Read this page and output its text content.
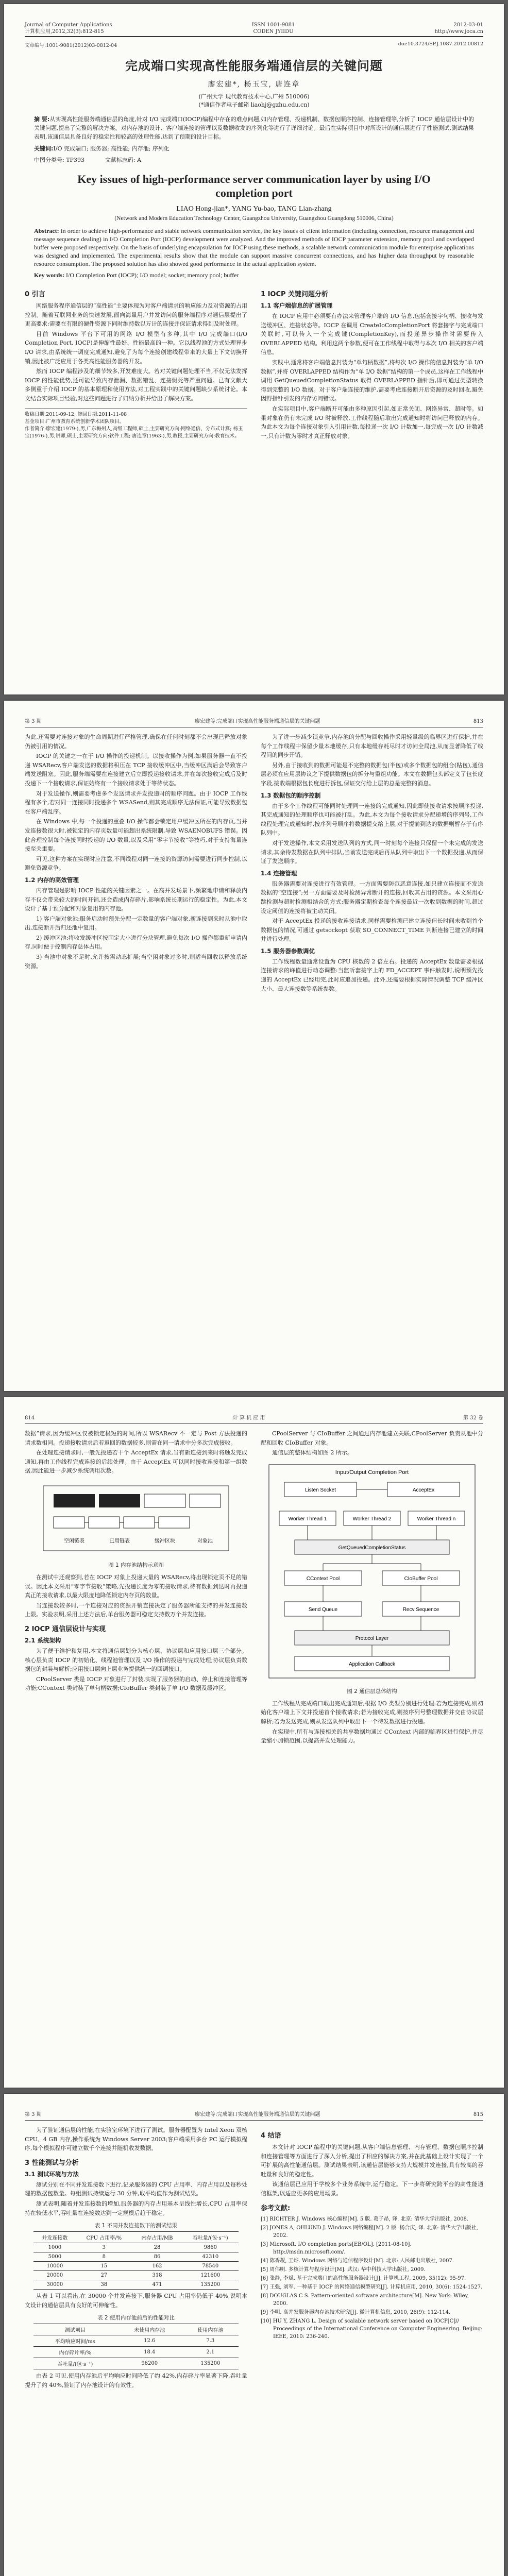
Journal of Computer Applications
计算机应用,2012,32(3):812-815
ISSN 1001-9081
CODEN JYIIDU
2012-03-01
http://www.joca.cn
文章编号:1001-9081(2012)03-0812-04	doi:10.3724/SP.J.1087.2012.00812
完成端口实现高性能服务端通信层的关键问题
廖宏建*, 杨玉宝, 唐连章
(广州大学 现代教育技术中心,广州 510006)
(*通信作者电子邮箱 liaohj@gzhu.edu.cn)
摘 要:从实现高性能服务端通信层的角度,针对 I/O 完成端口(IOCP)编程中存在的难点问题,如内存管理、投递机制、数据包顺序控制、连接管理等,分析了 IOCP 通信层设计中的关键问题,提出了完整的解决方案。对内存池的设计、客户端连接的管理以及数据收发的序列化等进行了详细讨论。最后在实际项目中对所设计的通信层进行了性能测试,测试结果表明,该通信层具备良好的稳定性和较高的处理性能,达到了预期的设计目标。
关键词:I/O 完成端口; 服务器; 高性能; 内存池; 序列化
中图分类号: TP393	文献标志码: A
Key issues of high-performance server communication layer by using I/O completion port
LIAO Hong-jian*, YANG Yu-bao, TANG Lian-zhang
(Network and Modern Education Technology Center, Guangzhou University, Guangzhou Guangdong 510006, China)
Abstract: In order to achieve high-performance and stable network communication service, the key issues of client information (including connection, resource management and message sequence dealing) in I/O Completion Port (IOCP) development were analyzed. And the improved methods of IOCP parameter extension, memory pool and overlapped buffer were proposed respectively. On the basis of underlying encapsulation for IOCP using these methods, a scalable network communication module for enterprise applications was designed and implemented. The experimental results show that the module can support massive concurrent connections, and has higher data throughput by reasonable resource consumption. The proposed solution has also showed good performance in the actual application system.
Key words: I/O Completion Port (IOCP); I/O model; socket; memory pool; buffer
0 引言

网络服务程序通信层的“高性能”主要体现为对客户端请求的响应能力及对资源的占用控制。随着互联网业务的快速发展,面向海量用户并发访问的服务端程序对通信层提出了更高要求:需要在有限的硬件资源下同时维持数以万计的连接并保证请求得到及时处理。

目前 Windows 平台下可用的网络 I/O 模型有多种,其中 I/O 完成端口(I/O Completion Port, IOCP)是伸缩性最好、性能最高的一种。它以线程池的方式处理异步 I/O 请求,由系统统一调度完成通知,避免了为每个连接创建线程带来的大量上下文切换开销,因此被广泛应用于各类高性能服务器的开发。

然而 IOCP 编程涉及的细节较多,开发难度大。若对关键问题处理不当,不仅无法发挥 IOCP 的性能优势,还可能导致内存泄漏、数据错乱、连接假死等严重问题。已有文献大多侧重于介绍 IOCP 的基本原理和使用方法,对工程实践中的关键问题缺少系统讨论。本文结合实际项目经验,对这些问题进行了归纳分析并给出了解决方案。

收稿日期:2011-09-12; 修回日期:2011-11-08。
基金项目:广州市教育系统创新学术团队项目。
作者简介:廖宏建(1979-),男,广东梅州人,高级工程师,硕士,主要研究方向:网络通信、分布式计算; 杨玉宝(1976-),男,讲师,硕士,主要研究方向:软件工程; 唐连章(1963-),男,教授,主要研究方向:教育技术。
1 IOCP 关键问题分析
1.1 客户端信息的扩展管理

在 IOCP 应用中必须要有办法来管理客户端的 I/O 信息,包括套接字句柄、接收与发送缓冲区、连接状态等。IOCP 在调用 CreateIoCompletionPort 将套接字与完成端口关联时,可以传入一个完成键(CompletionKey),而投递异步操作时需要传入 OVERLAPPED 结构。利用这两个参数,便可在工作线程中取得与本次 I/O 相关的客户端信息。

实践中,通常将客户端信息封装为“单句柄数据”,将每次 I/O 操作的信息封装为“单 I/O 数据”,并将 OVERLAPPED 结构作为“单 I/O 数据”结构的第一个成员,这样在工作线程中调用 GetQueuedCompletionStatus 取得 OVERLAPPED 指针后,即可通过类型转换得到完整的 I/O 数据。对于客户端连接的维护,需要考虑连接断开后资源的及时回收,避免因野指针引发的内存访问错误。

在实际项目中,客户端断开可能由多种原因引起,如正常关闭、网络异常、超时等。如果对象在仍有未完成 I/O 时被释放,工作线程随后取出完成通知时将访问已释放的内存。为此本文为每个连接对象引入引用计数,每投递一次 I/O 计数加一,每完成一次 I/O 计数减一,只有计数为零时才真正释放对象。

第 3 期	廖宏建等:完成端口实现高性能服务端通信层的关键问题	813

为此,还需要对连接对象的生命周期进行严格管理,确保在任何时刻都不会出现已释放对象仍被引用的情况。

IOCP 的关键之一在于 I/O 操作的投递机制。以接收操作为例,如果服务器一直不投递 WSARecv,客户端发送的数据将积压在 TCP 接收缓冲区中,当缓冲区满后会导致客户端发送阻塞。因此,服务端需要在连接建立后立即投递接收请求,并在每次接收完成后及时投递下一个接收请求,保证始终有一个接收请求处于等待状态。

对于发送操作,则需要考虑多个发送请求并发投递时的顺序问题。由于 IOCP 工作线程有多个,若对同一连接同时投递多个 WSASend,则其完成顺序无法保证,可能导致数据包在客户端乱序。

在 Windows 中,每一个投递的重叠 I/O 操作都会锁定用户缓冲区所在的内存页,当并发连接数很大时,被锁定的内存页数量可能超出系统限制,导致 WSAENOBUFS 错误。因此合理控制每个连接同时投递的 I/O 数量,以及采用“零字节接收”等技巧,对于支持海量连接至关重要。

可见,这种方案在实现时应注意,不同线程对同一连接的资源访问需要进行同步控制,以避免资源竞争。

1.2 内存的高效管理

内存管理是影响 IOCP 性能的关键因素之一。在高并发场景下,频繁地申请和释放内存不仅会带来较大的时间开销,还会造成内存碎片,影响系统长期运行的稳定性。为此,本文设计了基于预分配和对象复用的内存池。

1) 客户端对象池:服务启动时预先分配一定数量的客户端对象,新连接到来时从池中取出,连接断开后归还池中复用。

2) 缓冲区池:将收发缓冲区按固定大小进行分块管理,避免每次 I/O 操作都重新申请内存,同时便于控制内存总体占用。

3) 当池中对象不足时,允许按需动态扩展;当空闲对象过多时,则适当回收以释放系统资源。

为了进一步减少锁竞争,内存池的分配与回收操作采用轻量级的临界区进行保护,并在每个工作线程中保留少量本地缓存,只有本地缓存耗尽时才访问全局池,从而显著降低了线程间的同步开销。

另外,由于接收到的数据可能是不完整的数据包(半包)或多个数据包的组合(粘包),通信层必须在应用层协议之下提供数据包的拆分与重组功能。本文在数据包头部定义了包长度字段,接收端根据包长度进行拆包,保证交付给上层的总是完整的消息。

1.3 数据包的顺序控制

由于多个工作线程可能同时处理同一连接的完成通知,因此即使接收请求按顺序投递,其完成通知的处理顺序也可能被打乱。为此,本文为每个接收请求分配递增的序列号,工作线程处理完成通知时,按序列号顺序将数据提交给上层,对于提前到达的数据则暂存于有序队列中。

对于发送操作,本文采用发送队列的方式,同一时刻每个连接只保留一个未完成的发送请求,其余待发数据在队列中排队,当前发送完成后再从队列中取出下一个数据投递,从而保证了发送顺序。

1.4 连接管理

服务器需要对连接进行有效管理。一方面需要防范恶意连接,如只建立连接而不发送数据的“空连接”;另一方面需要及时检测异常断开的连接,回收其占用的资源。本文采用心跳检测与超时检测相结合的方式:服务器定期检查每个连接最近一次收到数据的时间,超过设定阈值的连接将被主动关闭。

对于 AcceptEx 投递的接收连接请求,同样需要检测已建立连接但长时间未收到首个数据包的情况,可通过 getsockopt 获取 SO_CONNECT_TIME 判断连接已建立的时间并进行处理。

1.5 服务器参数调优

工作线程数量通常设置为 CPU 核数的 2 倍左右。投递的 AcceptEx 数量需要根据连接请求的峰值进行动态调整:当监听套接字上的 FD_ACCEPT 事件触发时,说明预先投递的 AcceptEx 已经用完,此时应追加投递。此外,还需要根据实际情况调整 TCP 缓冲区大小、最大连接数等系统参数。

814	计 算 机 应 用	第 32 卷

数据”请求,因为缓冲区仅被锁定极短的时间,所以 WSARecv 不一定与 Post 方法投递的请求数相同。投递接收请求后若返回的数据较多,则需在同一请求中分多次完成接收。

在处理连接请求时,一般先投递若干个 AcceptEx 请求,当有新连接到来时将触发完成通知,再由工作线程完成连接的后续处理。由于 AcceptEx 可以同时接收连接和第一组数据,因此能进一步减少系统调用次数。

空闲链表	已用链表	缓冲区块	对象池
图 1 内存池结构示意图

在测试中还观察到,若在 IOCP 对象上投递大量的 WSARecv,将出现锁定页不足的错误。因此本文采用“零字节接收”策略,先投递长度为零的接收请求,待有数据到达时再投递真正的接收请求,以最大限度地降低锁定内存页的数量。

当连接数较多时,一个连接对应的资源开销直接决定了服务器所能支持的并发连接数上限。实验表明,采用上述方法后,单台服务器可稳定支持数万个并发连接。

2 IOCP 通信层设计与实现
2.1 系统架构

为了便于维护和复用,本文将通信层划分为核心层、协议层和应用接口层三个部分。核心层负责 IOCP 的初始化、线程池管理以及 I/O 操作的投递与完成处理;协议层负责数据包的封装与解析;应用接口层向上层业务提供统一的回调接口。

CPoolServer 类是 IOCP 对象进行了封装,实现了服务器的启动、停止和连接管理等功能;CContext 类封装了单句柄数据;CIoBuffer 类封装了单 I/O 数据及缓冲区。

CPoolServer 与 CIoBuffer 之间通过内存池建立关联,CPoolServer 负责从池中分配和回收 CIoBuffer 对象。

通信层的整体结构如图 2 所示。

Input/Output Completion Port
Listen Socket	AcceptEx
Worker Thread 1	Worker Thread 2	Worker Thread n
GetQueuedCompletionStatus
CContext Pool	CIoBuffer Pool
Send Queue	Recv Sequence
Protocol Layer
Application Callback
图 2 通信层总体结构

工作线程从完成端口取出完成通知后,根据 I/O 类型分别进行处理:若为连接完成,则初始化客户端上下文并投递首个接收请求;若为接收完成,则按序列号整理数据并交由协议层解析;若为发送完成,则从发送队列中取出下一个待发数据进行投递。

在实现中,所有与连接相关的共享数据均通过 CContext 内部的临界区进行保护,并尽量缩小加锁范围,以提高并发处理能力。

第 3 期	廖宏建等:完成端口实现高性能服务端通信层的关键问题	815

为了验证通信层的性能,在实验室环境下进行了测试。服务器配置为 Intel Xeon 双核 CPU、4 GB 内存,操作系统为 Windows Server 2003;客户端采用多台 PC 运行模拟程序,每个模拟程序可建立数千个连接并随机收发数据。

3 性能测试与分析
3.1 测试环境与方法

测试分别在不同并发连接数下进行,记录服务器的 CPU 占用率、内存占用以及每秒处理的数据包数量。每组测试持续运行 30 分钟,取平均值作为测试结果。

测试表明,随着并发连接数的增加,服务器的内存占用基本呈线性增长,CPU 占用率保持在较低水平,吞吐量在连接数达到一定规模后趋于稳定。

表 1 不同并发连接数下的测试结果
并发连接数	CPU 占用率/%	内存占用/MB	吞吐量/(包·s⁻¹)
1000	3	28	9860
5000	8	86	42310
10000	15	162	78540
20000	27	318	121600
30000	38	471	135200

从表 1 可以看出,在 30000 个并发连接下,服务器 CPU 占用率仍低于 40%,说明本文设计的通信层具有良好的可伸缩性。

表 2 使用内存池前后的性能对比
测试项目	未使用内存池	使用内存池
平均响应时间/ms	12.6	7.3
内存碎片率/%	18.4	2.1
吞吐量/(包·s⁻¹)	96200	135200

由表 2 可见,使用内存池后平均响应时间降低了约 42%,内存碎片率显著下降,吞吐量提升了约 40%,验证了内存池设计的有效性。

4 结语

本文针对 IOCP 编程中的关键问题,从客户端信息管理、内存管理、数据包顺序控制和连接管理等方面进行了深入分析,提出了相应的解决方案,并在此基础上设计实现了一个可扩展的高性能通信层。测试结果表明,该通信层能够支持大规模并发连接,具有较高的吞吐量和良好的稳定性。

该通信层已应用于学校多个业务系统中,运行稳定。下一步将研究跨平台的高性能通信框架,以适应更多的应用场景。

参考文献:
[1] RICHTER J. Windows 核心编程[M]. 5 版. 葛子昂, 译. 北京: 清华大学出版社, 2008.
[2] JONES A, OHLUND J. Windows 网络编程[M]. 2 版. 杨合庆, 译. 北京: 清华大学出版社, 2002.
[3] Microsoft. I/O completion ports[EB/OL]. [2011-08-10]. http://msdn.microsoft.com/.
[4] 陈香凝, 王烨. Windows 网络与通信程序设计[M]. 北京: 人民邮电出版社, 2007.
[5] 周伟明. 多核计算与程序设计[M]. 武汉: 华中科技大学出版社, 2009.
[6] 张静, 李斌. 基于完成端口的高性能服务器设计[J]. 计算机工程, 2009, 35(12): 95-97.
[7] 王强, 刘军. 一种基于 IOCP 的网络通信模型研究[J]. 计算机应用, 2010, 30(6): 1524-1527.
[8] DOUGLAS C S. Pattern-oriented software architecture[M]. New York: Wiley, 2000.
[9] 李明. 高并发服务器内存池技术研究[J]. 微计算机信息, 2010, 26(9): 112-114.
[10] HU Y, ZHANG L. Design of scalable network server based on IOCP[C]// Proceedings of the International Conference on Computer Engineering. Beijing: IEEE, 2010: 236-240.
